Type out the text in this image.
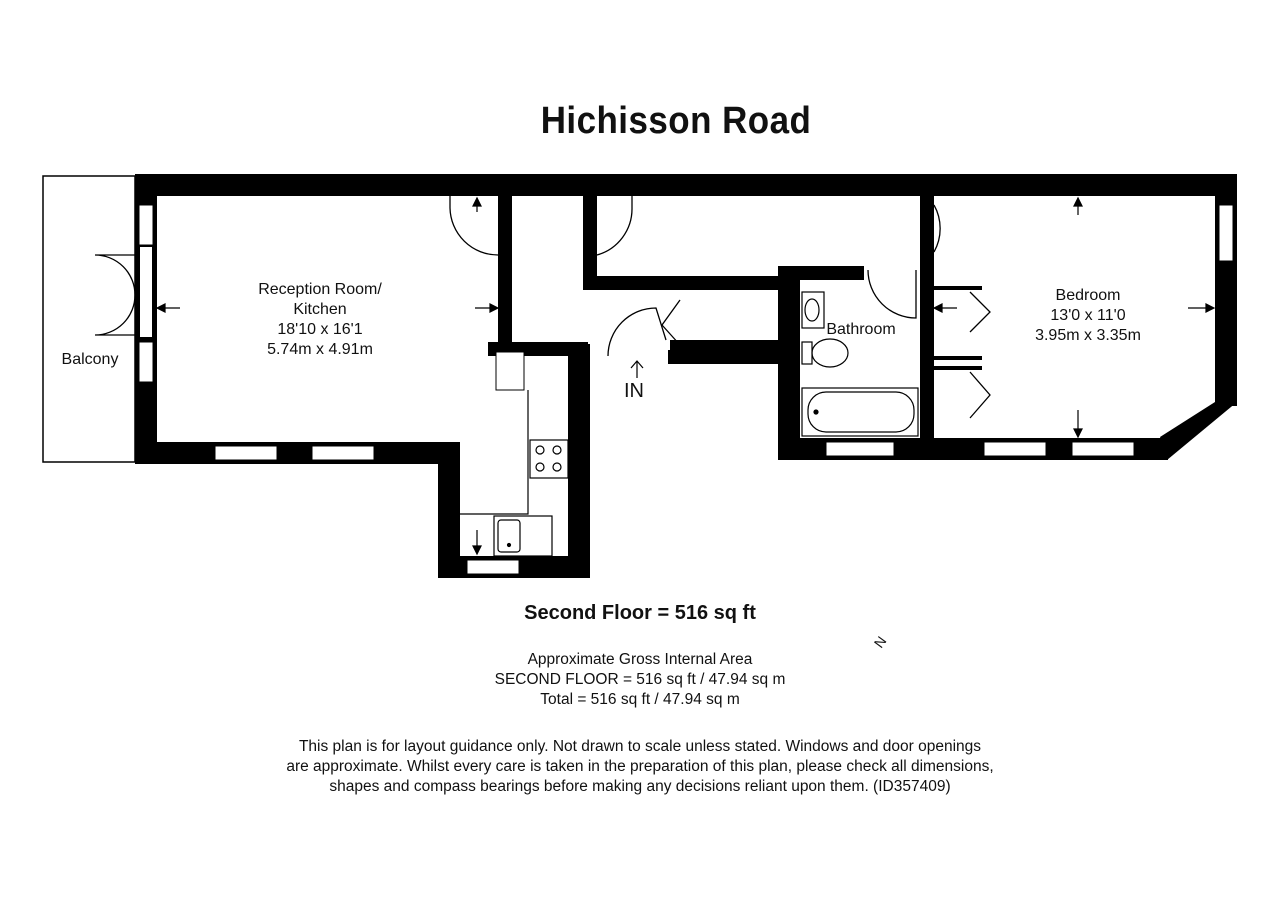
Hichisson Road
Balcony
Reception Room/
Kitchen
18'10 x 16'1
5.74m x 4.91m
Bathroom
Bedroom
13'0 x 11'0
3.95m x 3.35m
IN
N
Second Floor = 516 sq ft
Approximate Gross Internal Area
SECOND FLOOR = 516 sq ft / 47.94 sq m
Total = 516 sq ft / 47.94 sq m
This plan is for layout guidance only. Not drawn to scale unless stated. Windows and door openings
are approximate. Whilst every care is taken in the preparation of this plan, please check all dimensions,
shapes and compass bearings before making any decisions reliant upon them. (ID357409)
